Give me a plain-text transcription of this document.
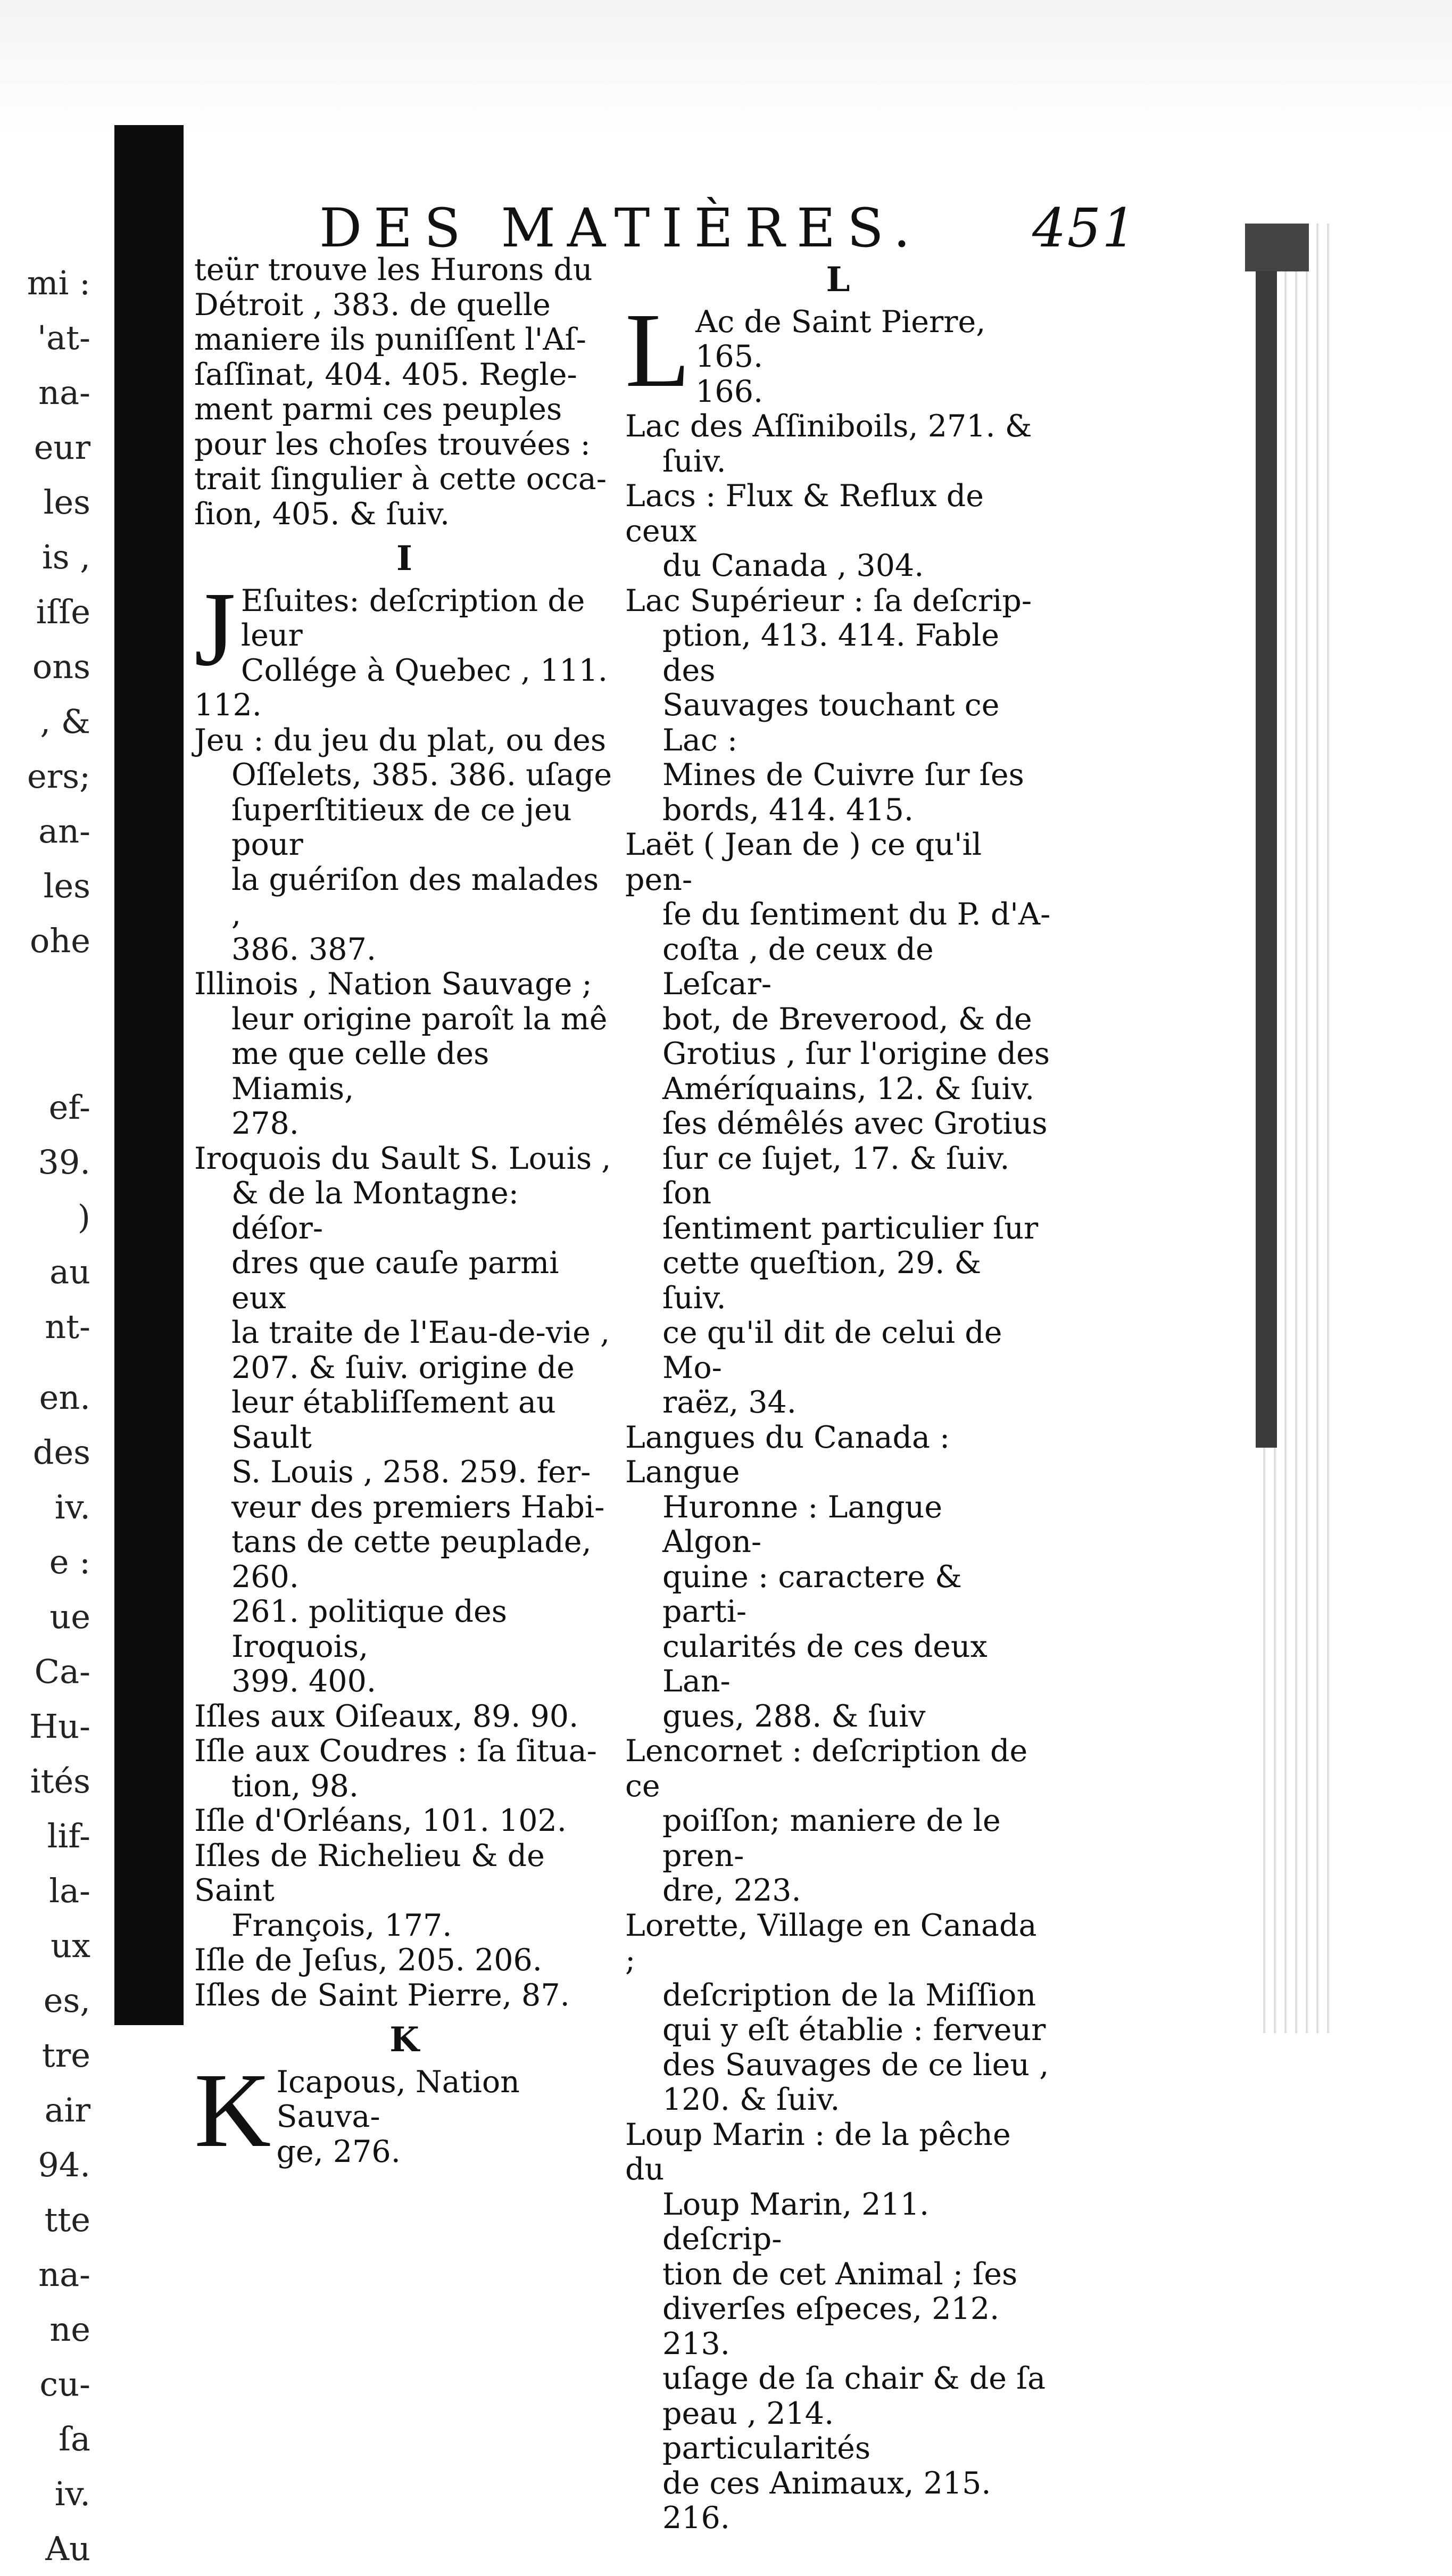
mi :
'at-
na-
eur
les
is ,
iſſe
ons
, &
ers;
an-
les
ohe
ef-
39.
)
au
nt-
en.
des
iv.
e :
ue
Ca-
Hu-
ités
lif-
la-
ux
es,
tre
air
94.
tte
na-
ne
cu-
ſa
iv.
Au
DES MATIÈRES. 451
teür trouve les Hurons du
Détroit , 383. de quelle
maniere ils puniſſent l'Aſ-
ſaſſinat, 404. 405. Regle-
ment parmi ces peuples
pour les choſes trouvées :
trait ſingulier à cette occa-
ſion, 405. & ſuiv.
I
J Eſuites: deſcription de leur
Collége à Quebec , 111.
112.
Jeu : du jeu du plat, ou des
Oſſelets, 385. 386. uſage
ſuperſtitieux de ce jeu pour
la guériſon des malades ,
386. 387.
Illinois , Nation Sauvage ;
leur origine paroît la mê
me que celle des Miamis,
278.
Iroquois du Sault S. Louis ,
& de la Montagne: déſor-
dres que cauſe parmi eux
la traite de l'Eau-de-vie ,
207. & ſuiv. origine de
leur établiſſement au Sault
S. Louis , 258. 259. fer-
veur des premiers Habi-
tans de cette peuplade, 260.
261. politique des Iroquois,
399. 400.
Iſles aux Oiſeaux, 89. 90.
Iſle aux Coudres : ſa ſitua-
tion, 98.
Iſle d'Orléans, 101. 102.
Iſles de Richelieu & de Saint
François, 177.
Iſle de Jeſus, 205. 206.
Iſles de Saint Pierre, 87.
K
K Icapous, Nation Sauva-
ge, 276.
L
L Ac de Saint Pierre, 165.
166.
Lac des Aſſiniboils, 271. &
ſuiv.
Lacs : Flux & Reflux de ceux
du Canada , 304.
Lac Supérieur : ſa deſcrip-
ption, 413. 414. Fable des
Sauvages touchant ce Lac :
Mines de Cuivre ſur ſes
bords, 414. 415.
Laët ( Jean de ) ce qu'il pen-
ſe du ſentiment du P. d'A-
coſta , de ceux de Leſcar-
bot, de Breverood, & de
Grotius , ſur l'origine des
Améríquains, 12. & ſuiv.
ſes démêlés avec Grotius
ſur ce ſujet, 17. & ſuiv. ſon
ſentiment particulier ſur
cette queſtion, 29. & ſuiv.
ce qu'il dit de celui de Mo-
raëz, 34.
Langues du Canada : Langue
Huronne : Langue Algon-
quine : caractere & parti-
cularités de ces deux Lan-
gues, 288. & ſuiv
Lencornet : deſcription de ce
poiſſon; maniere de le pren-
dre, 223.
Lorette, Village en Canada ;
deſcription de la Miſſion
qui y eſt établie : ferveur
des Sauvages de ce lieu ,
120. & ſuiv.
Loup Marin : de la pêche du
Loup Marin, 211. deſcrip-
tion de cet Animal ; ſes
diverſes eſpeces, 212. 213.
uſage de ſa chair & de ſa
peau , 214. particularités
de ces Animaux, 215. 216.
